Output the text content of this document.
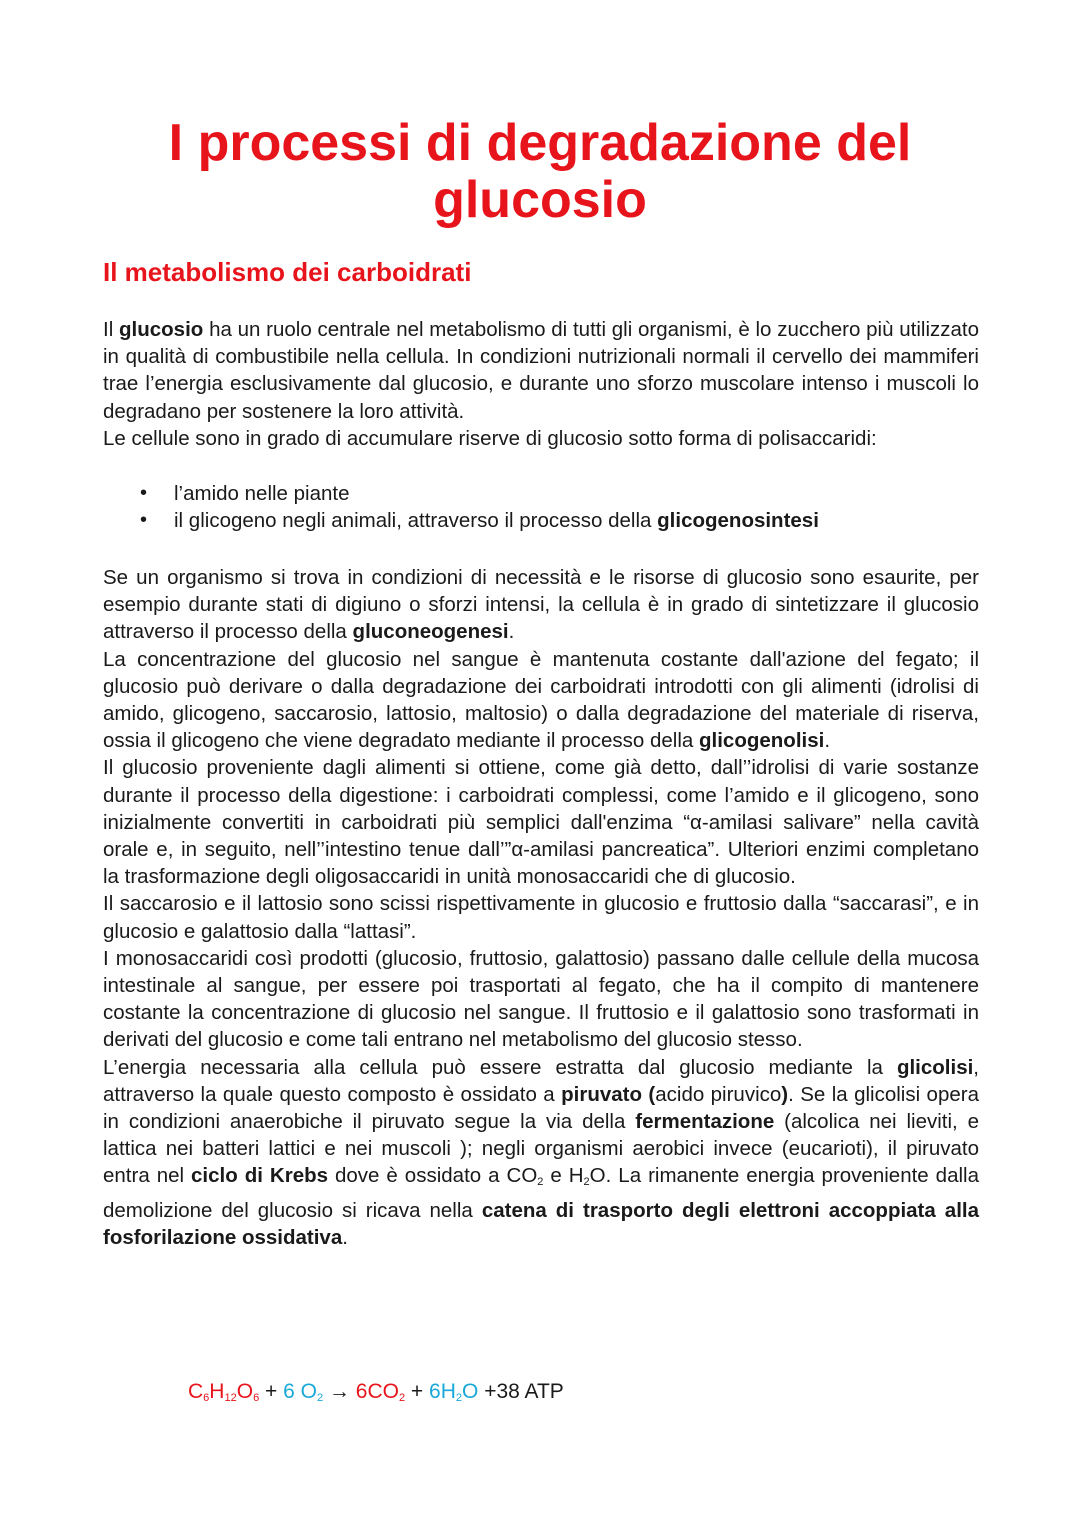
I processi di degradazione del
glucosio
Il metabolismo dei carboidrati

Il glucosio ha un ruolo centrale nel metabolismo di tutti gli organismi, è lo zucchero più utilizzato in qualità di combustibile nella cellula. In condizioni nutrizionali normali il cervello dei mammiferi trae l’energia esclusivamente dal glucosio, e durante uno sforzo muscolare intenso i muscoli lo degradano per sostenere la loro attività.
Le cellule sono in grado di accumulare riserve di glucosio sotto forma di polisaccaridi:

• l’amido nelle piante
• il glicogeno negli animali, attraverso il processo della glicogenosintesi

Se un organismo si trova in condizioni di necessità e le risorse di glucosio sono esaurite, per esempio durante stati di digiuno o sforzi intensi, la cellula è in grado di sintetizzare il glucosio attraverso il processo della gluconeogenesi.
La concentrazione del glucosio nel sangue è mantenuta costante dall'azione del fegato; il glucosio può derivare o dalla degradazione dei carboidrati introdotti con gli alimenti (idrolisi di amido, glicogeno, saccarosio, lattosio, maltosio) o dalla degradazione del materiale di riserva, ossia il glicogeno che viene degradato mediante il processo della glicogenolisi.
Il glucosio proveniente dagli alimenti si ottiene, come già detto, dall’’idrolisi di varie sostanze durante il processo della digestione: i carboidrati complessi, come l’amido e il glicogeno, sono inizialmente convertiti in carboidrati più semplici dall'enzima “α-amilasi salivare” nella cavità orale e, in seguito, nell’’intestino tenue dall’”α-amilasi pancreatica”. Ulteriori enzimi completano la trasformazione degli oligosaccaridi in unità monosaccaridi che di glucosio.
Il saccarosio e il lattosio sono scissi rispettivamente in glucosio e fruttosio dalla “saccarasi”, e in glucosio e galattosio dalla “lattasi”.
I monosaccaridi così prodotti (glucosio, fruttosio, galattosio) passano dalle cellule della mucosa intestinale al sangue, per essere poi trasportati al fegato, che ha il compito di mantenere costante la concentrazione di glucosio nel sangue. Il fruttosio e il galattosio sono trasformati in derivati del glucosio e come tali entrano nel metabolismo del glucosio stesso.
L’energia necessaria alla cellula può essere estratta dal glucosio mediante la glicolisi, attraverso la quale questo composto è ossidato a piruvato (acido piruvico). Se la glicolisi opera in condizioni anaerobiche il piruvato segue la via della fermentazione (alcolica nei lieviti, e lattica nei batteri lattici e nei muscoli ); negli organismi aerobici invece (eucarioti), il piruvato entra nel ciclo di Krebs dove è ossidato a $CO_2$ e $H_2O$. La rimanente energia proveniente dalla demolizione del glucosio si ricava nella catena di trasporto degli elettroni accoppiata alla fosforilazione ossidativa.

$C_6H_{12}O_6 + 6$ $O_2 \to 6CO_2 + 6H_2O +38$ ATP
